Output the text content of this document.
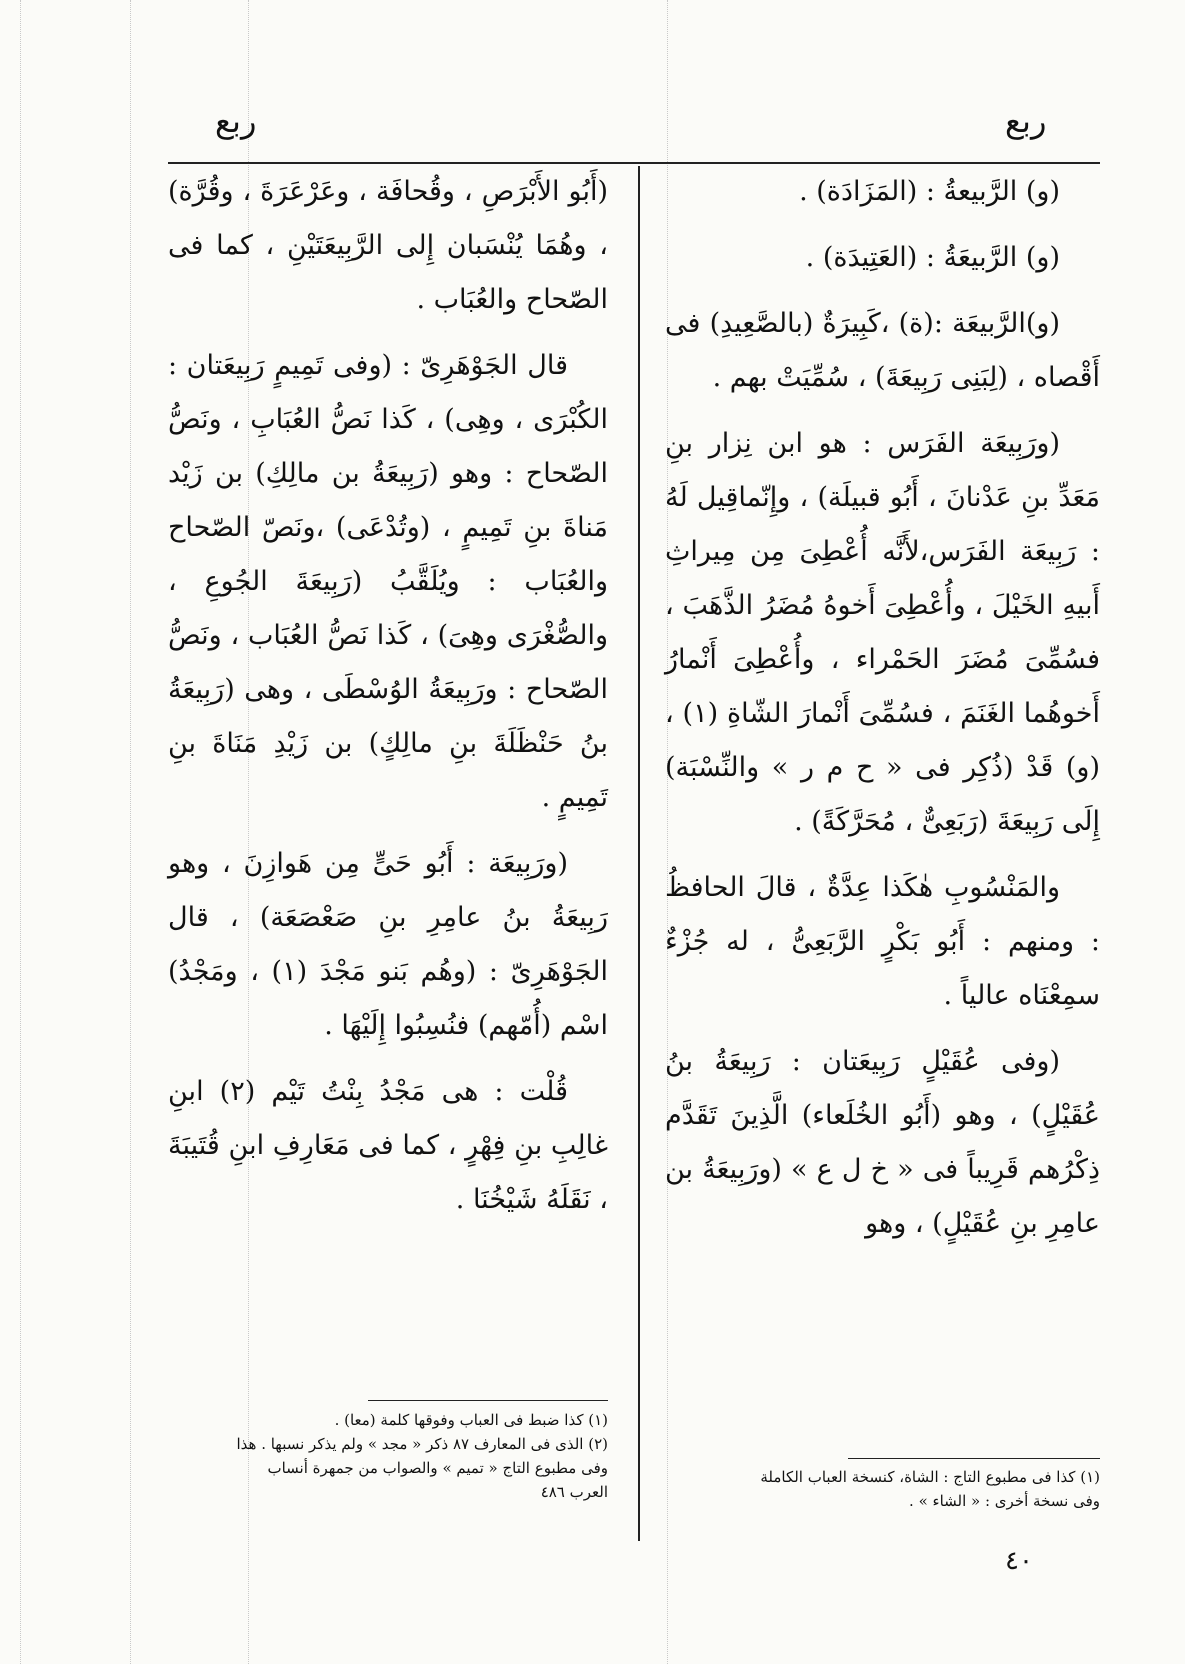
ربع
ربع

(و) الرَّبيعةُ : (المَزَادَة) .

(و) الرَّبيعَةُ : (العَتِيدَة) .

(و)الرَّبيعَة :(ة) ،كَبِيرَةٌ (بالصَّعِيدِ) فى أَقْصاه ، (لِبَنِى رَبِيعَةَ) ، سُمِّيَتْ بهم .

(ورَبِيعَة الفَرَس : هو ابن نِزار بنِ مَعَدِّ بنِ عَدْنانَ ، أَبُو قبيلَة) ، وإِنّماقِيل لَهُ : رَبِيعَة الفَرَس،لأَنَّه أُعْطِىَ مِن مِيراثِ أَبيهِ الخَيْلَ ، وأُعْطِىَ أَخوهُ مُضَرُ الذَّهَبَ ، فسُمِّىَ مُضَرَ الحَمْراء ، وأُعْطِىَ أَنْمارُ أَخوهُما الغَنَمَ ، فسُمِّىَ أَنْمارَ الشّاةِ (١) ، (و) قَدْ (ذُكِر فى « ح م ر » والنِّسْبَة) إِلَى رَبِيعَةَ (رَبَعِىٌّ ، مُحَرَّكَةً) .

والمَنْسُوبِ هٰكَذا عِدَّةٌ ، قالَ الحافظُ : ومنهم : أَبُو بَكْرٍ الرَّبَعِىُّ ، له جُزْءٌ سمِعْنَاه عالياً .

(وفى عُقَيْلٍ رَبِيعَتان : رَبِيعَةُ بنُ عُقَيْلٍ) ، وهو (أَبُو الخُلَعاء) الَّذِينَ تَقَدَّم ذِكْرُهم قَرِيباً فى « خ ل ع » (ورَبِيعَةُ بن عامِرِ بنِ عُقَيْلٍ) ، وهو

(أَبُو الأَبْرَصِ ، وقُحافَة ، وعَرْعَرَةَ ، وقُرَّة) ، وهُمَا يُنْسَبان إِلى الرَّبِيعَتَيْنِ ، كما فى الصّحاح والعُبَاب .

قال الجَوْهَرِىّ : (وفى تَمِيمٍ رَبِيعَتان : الكُبْرَى ، وهِى) ، كَذا نَصُّ العُبَابِ ، ونَصُّ الصّحاح : وهو (رَبِيعَةُ بن مالِكِ) بن زَيْد مَناةَ بنِ تَمِيمٍ ، (وتُدْعَى) ،ونَصّ الصّحاح والعُبَاب : ويُلَقَّبُ (رَبِيعَةَ الجُوعِ ، والصُّغْرَى وهِىَ) ، كَذا نَصُّ العُبَاب ، ونَصُّ الصّحاح : ورَبِيعَةُ الوُسْطَى ، وهى (رَبِيعَةُ بنُ حَنْظَلَةَ بنِ مالِكٍ) بن زَيْدِ مَنَاةَ بنِ تَمِيمٍ .

(ورَبِيعَة : أَبُو حَىٍّ مِن هَوازِنَ ، وهو رَبِيعَةُ بنُ عامِرِ بنِ صَعْصَعَة) ، قال الجَوْهَرِىّ : (وهُم بَنو مَجْدَ (١) ، ومَجْدُ) اسْم (أُمّهم) فنُسِبُوا إِلَيْهَا .

قُلْت : هى مَجْدُ بِنْتُ تَيْم (٢) ابنِ غالِبِ بنِ فِهْرٍ ، كما فى مَعَارِفِ ابنِ قُتَيبَةَ ، نَقَلَهُ شَيْخُنَا .

(١) كذا فى مطبوع التاج : الشاة، كنسخة العباب الكاملة

وفى نسخة أخرى : « الشاء » .

(١) كذا ضبط فى العباب وفوقها كلمة (معا) .

(٢) الذى فى المعارف ٨٧ ذكر « مجد » ولم يذكر نسبها . هذا

وفى مطبوع التاج « تميم » والصواب من جمهرة أنساب

العرب ٤٨٦

٤٠
